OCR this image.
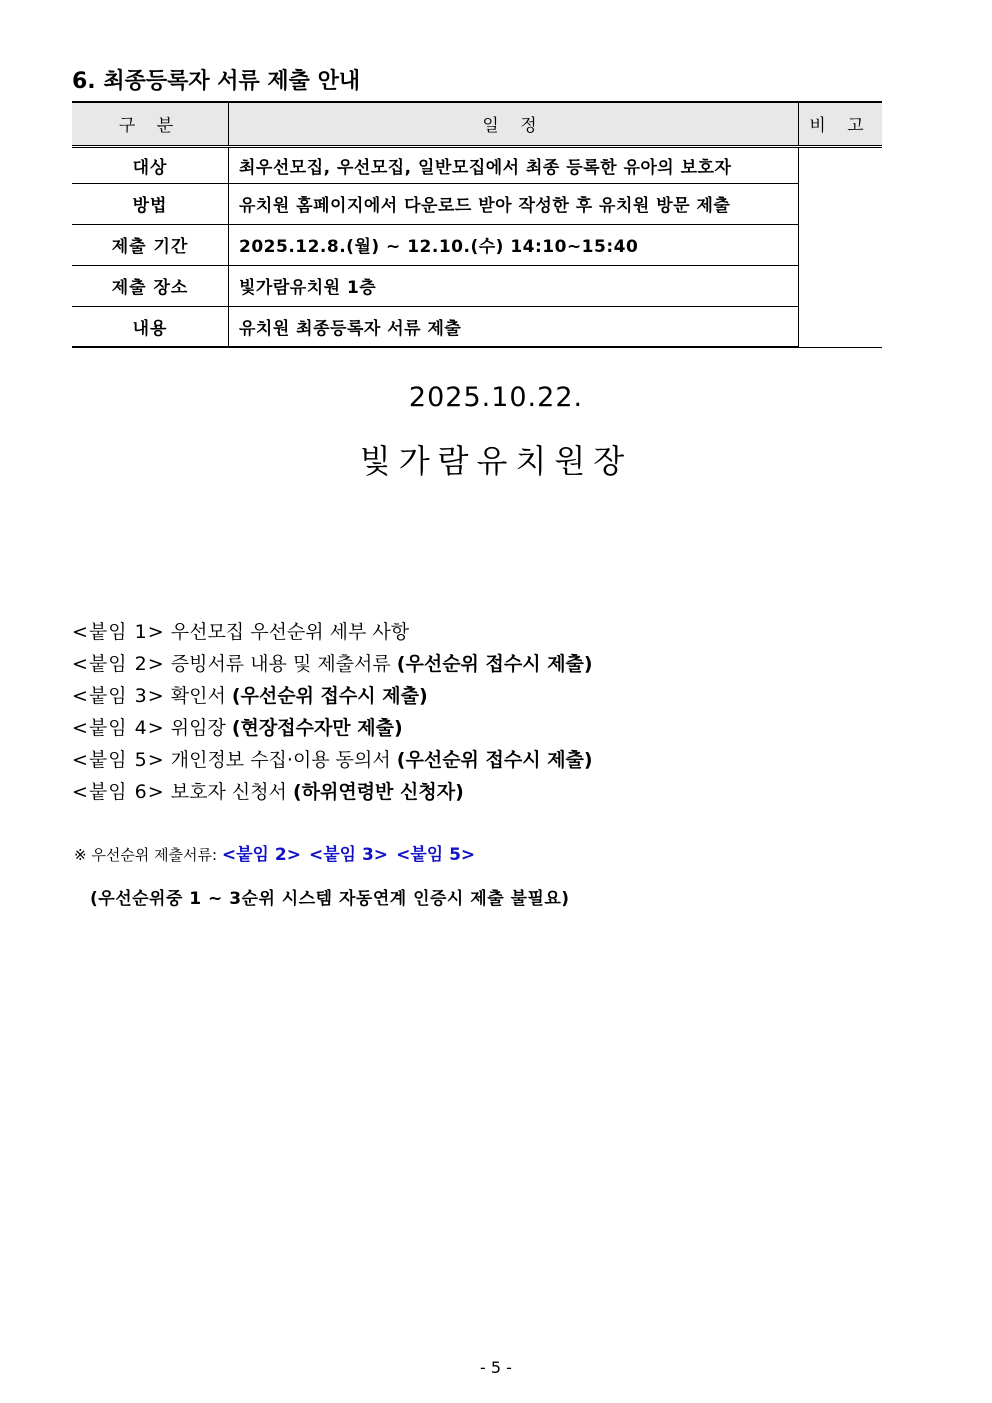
6. 최종등록자 서류 제출 안내
구 분	일 정	비 고
대상	최우선모집, 우선모집, 일반모집에서 최종 등록한 유아의 보호자	
방법	유치원 홈페이지에서 다운로드 받아 작성한 후 유치원 방문 제출	
제출 기간	2025.12.8.(월) ~ 12.10.(수) 14:10~15:40	
제출 장소	빛가람유치원 1층	
내용	유치원 최종등록자 서류 제출	
2025.10.22.
빛가람유치원장
<붙임 1> 우선모집 우선순위 세부 사항
<붙임 2> 증빙서류 내용 및 제출서류 (우선순위 접수시 제출)
<붙임 3> 확인서 (우선순위 접수시 제출)
<붙임 4> 위임장 (현장접수자만 제출)
<붙임 5> 개인정보 수집·이용 동의서 (우선순위 접수시 제출)
<붙임 6> 보호자 신청서 (하위연령반 신청자)
※ 우선순위 제출서류: <붙임 2> <붙임 3> <붙임 5>
(우선순위중 1 ~ 3순위 시스템 자동연계 인증시 제출 불필요)
- 5 -
